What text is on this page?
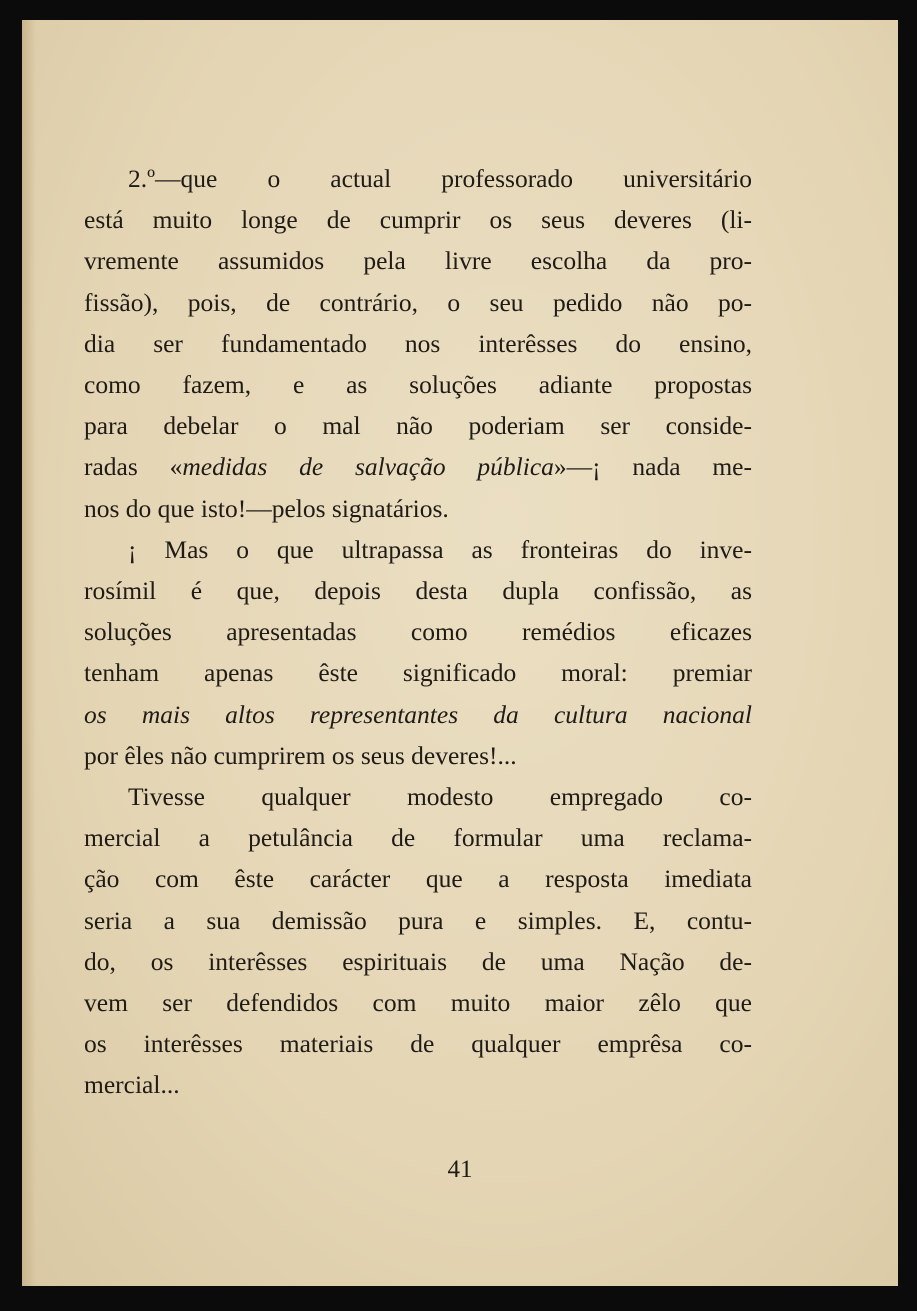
2.º—que o actual professorado universitário
está muito longe de cumprir os seus deveres (li-
vremente assumidos pela livre escolha da pro-
fissão), pois, de contrário, o seu pedido não po-
dia ser fundamentado nos interêsses do ensino,
como fazem, e as soluções adiante propostas
para debelar o mal não poderiam ser conside-
radas «medidas de salvação pública»—¡ nada me-
nos do que isto!—pelos signatários.
¡ Mas o que ultrapassa as fronteiras do inve-
rosímil é que, depois desta dupla confissão, as
soluções apresentadas como remédios eficazes
tenham apenas êste significado moral: premiar
os mais altos representantes da cultura nacional
por êles não cumprirem os seus deveres!...
Tivesse qualquer modesto empregado co-
mercial a petulância de formular uma reclama-
ção com êste carácter que a resposta imediata
seria a sua demissão pura e simples. E, contu-
do, os interêsses espirituais de uma Nação de-
vem ser defendidos com muito maior zêlo que
os interêsses materiais de qualquer emprêsa co-
mercial...
41
